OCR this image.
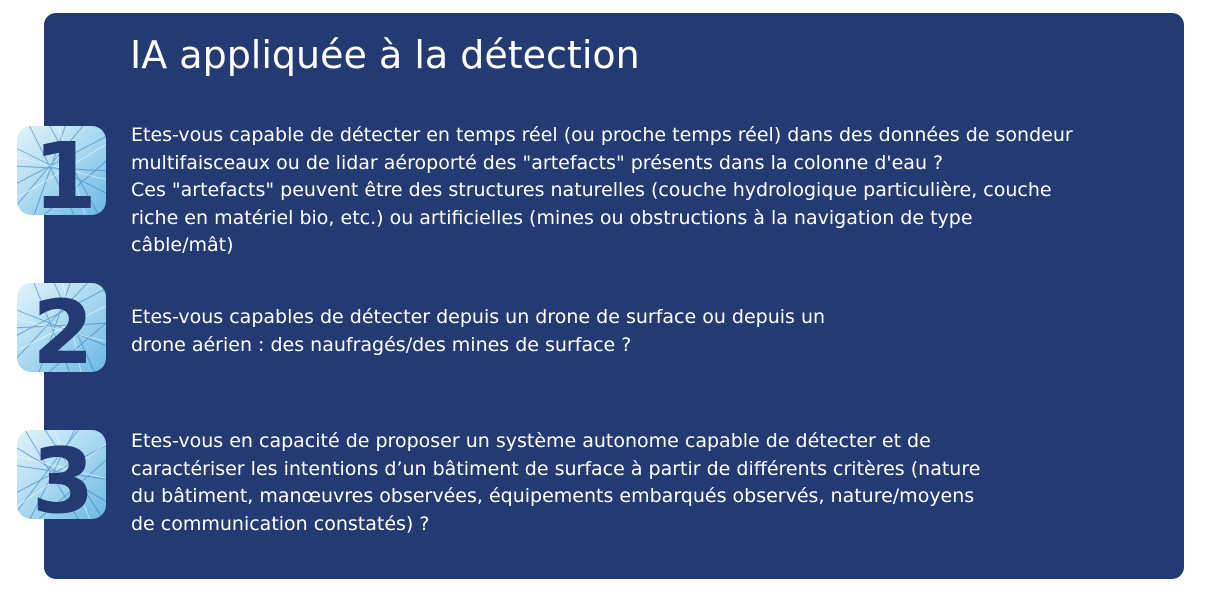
IA appliquée à la détection
1 Etes-vous capable de détecter en temps réel (ou proche temps réel) dans des données de sondeur
multifaisceaux ou de lidar aéroporté des "artefacts" présents dans la colonne d'eau ?
Ces "artefacts" peuvent être des structures naturelles (couche hydrologique particulière, couche
riche en matériel bio, etc.) ou artificielles (mines ou obstructions à la navigation de type
câble/mât)
2 Etes-vous capables de détecter depuis un drone de surface ou depuis un
drone aérien : des naufragés/des mines de surface ?
3 Etes-vous en capacité de proposer un système autonome capable de détecter et de
caractériser les intentions d’un bâtiment de surface à partir de différents critères (nature
du bâtiment, manœuvres observées, équipements embarqués observés, nature/moyens
de communication constatés) ?
